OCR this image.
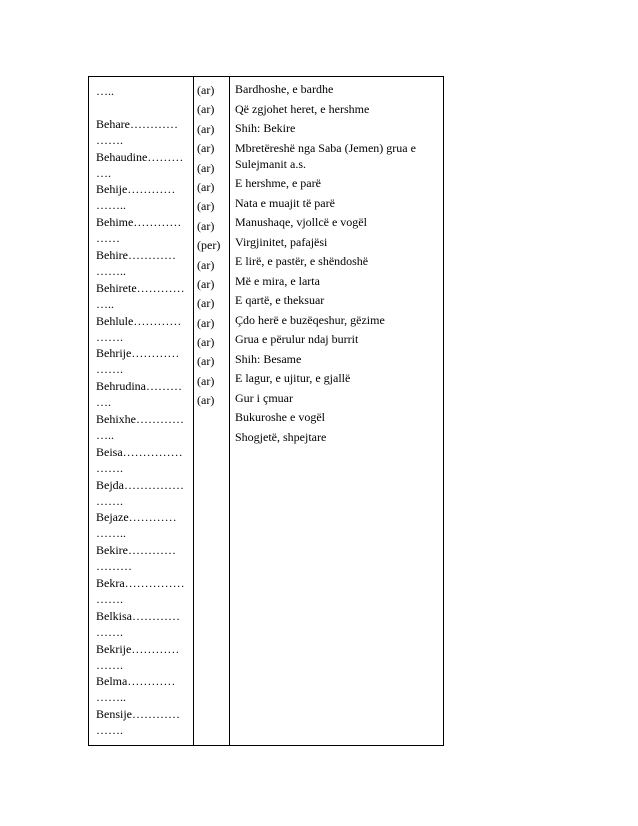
…..
Behare…………
…….
Behaudine………
….
Behije…………
……..
Behime…………
……
Behire…………
……..
Behirete…………
…..
Behlule…………
…….
Behrije…………
…….
Behrudina………
….
Behixhe…………
…..
Beisa……………
…….
Bejda……………
…….
Bejaze…………
……..
Bekire…………
………
Bekra……………
…….
Belkisa…………
…….
Bekrije…………
…….
Belma…………
……..
Bensije…………
…….
(ar)
(ar)
(ar)
(ar)
(ar)
(ar)
(ar)
(ar)
(per)
(ar)
(ar)
(ar)
(ar)
(ar)
(ar)
(ar)
(ar)
Bardhoshe, e bardhe
Që zgjohet heret, e hershme
Shih: Bekire
Mbretëreshë nga Saba (Jemen) grua e Sulejmanit a.s.
E hershme, e parë
Nata e muajit të parë
Manushaqe, vjollcë e vogël
Virgjinitet, pafajësi
E lirë, e pastër, e shëndoshë
Më e mira, e larta
E qartë, e theksuar
Çdo herë e buzëqeshur, gëzime
Grua e përulur ndaj burrit
Shih: Besame
E lagur, e ujitur, e gjallë
Gur i çmuar
Bukuroshe e vogël
Shogjetë, shpejtare
